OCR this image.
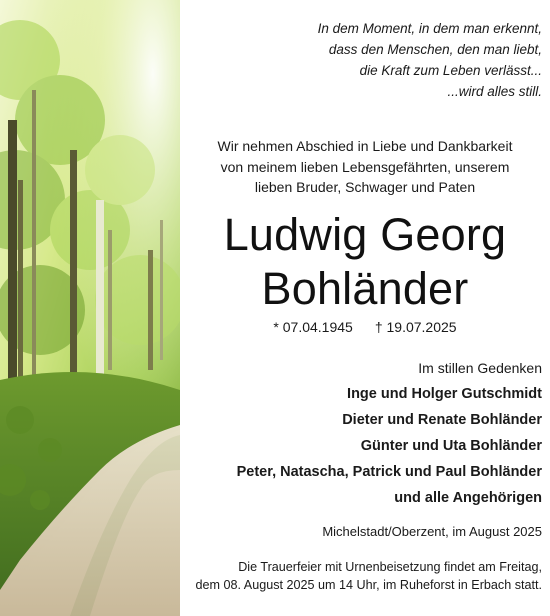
In dem Moment, in dem man erkennt,
dass den Menschen, den man liebt,
die Kraft zum Leben verlässt...
...wird alles still.
Wir nehmen Abschied in Liebe und Dankbarkeit
von meinem lieben Lebensgefährten, unserem
lieben Bruder, Schwager und Paten
Ludwig Georg
Bohländer
* 07.04.1945 † 19.07.2025
Im stillen Gedenken
Inge und Holger Gutschmidt
Dieter und Renate Bohländer
Günter und Uta Bohländer
Peter, Natascha, Patrick und Paul Bohländer
und alle Angehörigen
Michelstadt/Oberzent, im August 2025
Die Trauerfeier mit Urnenbeisetzung findet am Freitag,
dem 08. August 2025 um 14 Uhr, im Ruheforst in Erbach statt.
